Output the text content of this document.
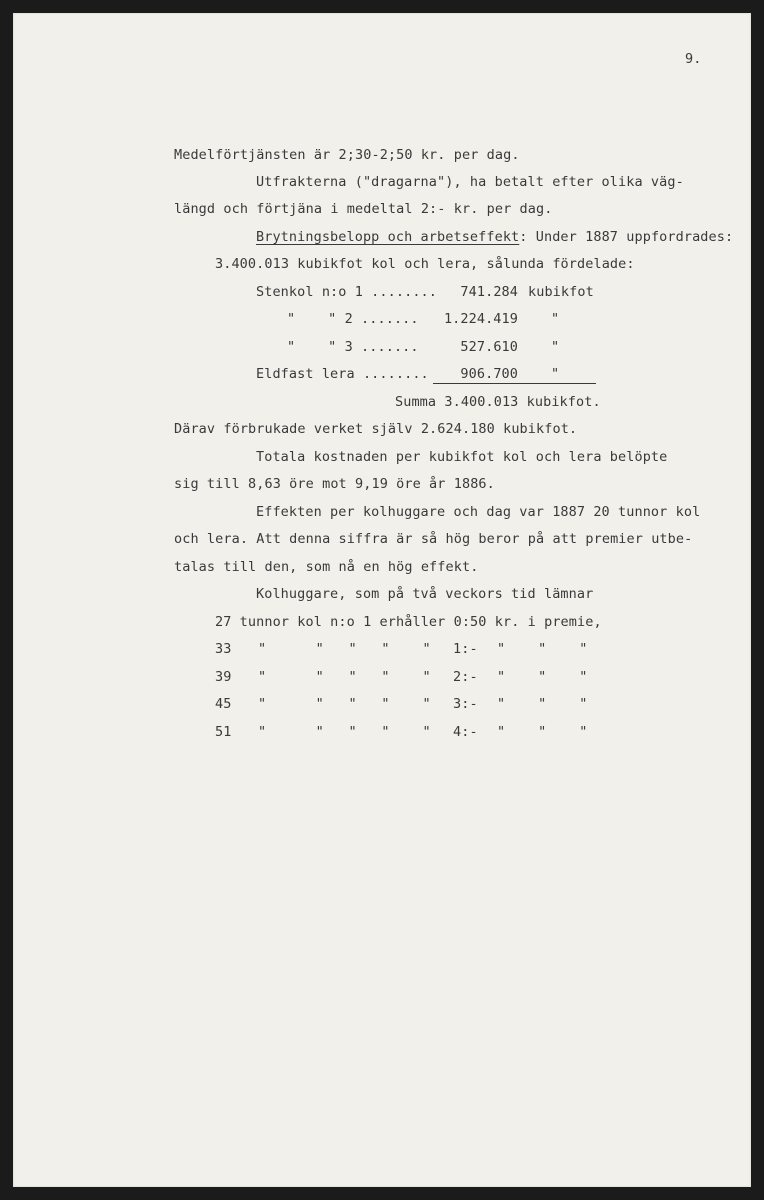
9.
Medelförtjänsten är 2;30-2;50 kr. per dag.
Utfrakterna ("dragarna"), ha betalt efter olika väg-
längd och förtjäna i medeltal 2:- kr. per dag.
Brytningsbelopp och arbetseffekt: Under 1887 uppfordrades:
3.400.013 kubikfot kol och lera, sålunda fördelade:
Stenkol n:o 1 ........	741.284 kubikfot
"    " 2 .......	1.224.419 "
"    " 3 .......	527.610 "
Eldfast lera ........	906.700 "
Summa 3.400.013 kubikfot.
Därav förbrukade verket själv 2.624.180 kubikfot.
Totala kostnaden per kubikfot kol och lera belöpte
sig till 8,63 öre mot 9,19 öre år 1886.
Effekten per kolhuggare och dag var 1887 20 tunnor kol
och lera. Att denna siffra är så hög beror på att premier utbe-
talas till den, som nå en hög effekt.
Kolhuggare, som på två veckors tid lämnar
27 tunnor kol n:o 1 erhåller 0:50 kr. i premie,
33 "      "   "   "    " 1:- "    "    "
39 "      "   "   "    " 2:- "    "    "
45 "      "   "   "    " 3:- "    "    "
51 "      "   "   "    " 4:- "    "    "
